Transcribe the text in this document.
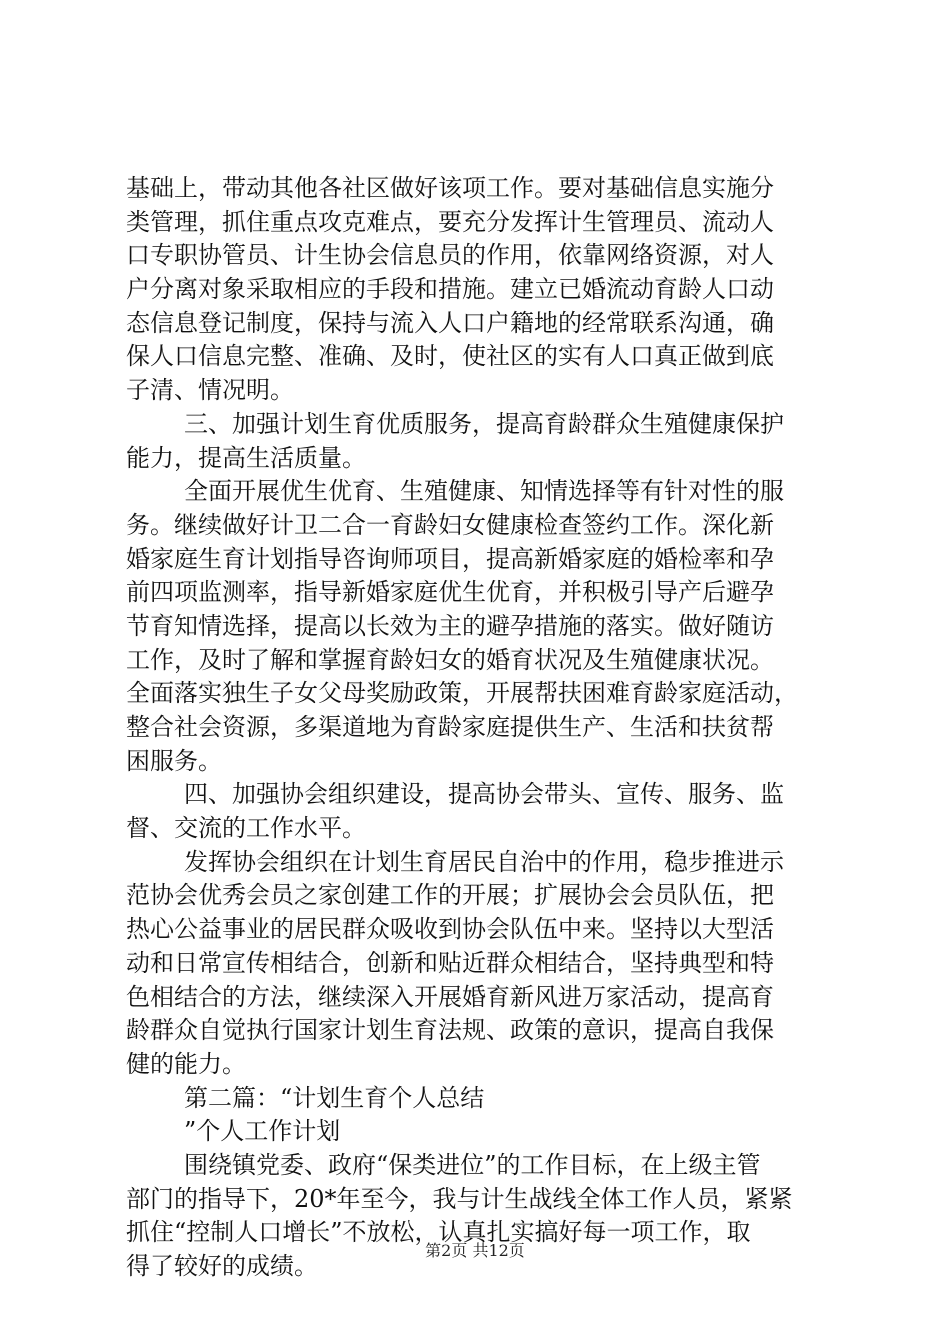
基础上，带动其他各社区做好该项工作。要对基础信息实施分
类管理，抓住重点攻克难点，要充分发挥计生管理员、流动人
口专职协管员、计生协会信息员的作用，依靠网络资源，对人
户分离对象采取相应的手段和措施。建立已婚流动育龄人口动
态信息登记制度，保持与流入人口户籍地的经常联系沟通，确
保人口信息完整、准确、及时，使社区的实有人口真正做到底
子清、情况明。
三、加强计划生育优质服务，提高育龄群众生殖健康保护
能力，提高生活质量。
全面开展优生优育、生殖健康、知情选择等有针对性的服
务。继续做好计卫二合一育龄妇女健康检查签约工作。深化新
婚家庭生育计划指导咨询师项目，提高新婚家庭的婚检率和孕
前四项监测率，指导新婚家庭优生优育，并积极引导产后避孕
节育知情选择，提高以长效为主的避孕措施的落实。做好随访
工作，及时了解和掌握育龄妇女的婚育状况及生殖健康状况。
全面落实独生子女父母奖励政策，开展帮扶困难育龄家庭活动，
整合社会资源，多渠道地为育龄家庭提供生产、生活和扶贫帮
困服务。
四、加强协会组织建设，提高协会带头、宣传、服务、监
督、交流的工作水平。
发挥协会组织在计划生育居民自治中的作用，稳步推进示
范协会优秀会员之家创建工作的开展；扩展协会会员队伍，把
热心公益事业的居民群众吸收到协会队伍中来。坚持以大型活
动和日常宣传相结合，创新和贴近群众相结合，坚持典型和特
色相结合的方法，继续深入开展婚育新风进万家活动，提高育
龄群众自觉执行国家计划生育法规、政策的意识，提高自我保
健的能力。
第二篇：“计划生育个人总结
”个人工作计划
围绕镇党委、政府“保类进位”的工作目标，在上级主管
部门的指导下，20*年至今，我与计生战线全体工作人员，紧紧
抓住“控制人口增长”不放松，认真扎实搞好每一项工作，取
得了较好的成绩。
第2页 共12页
